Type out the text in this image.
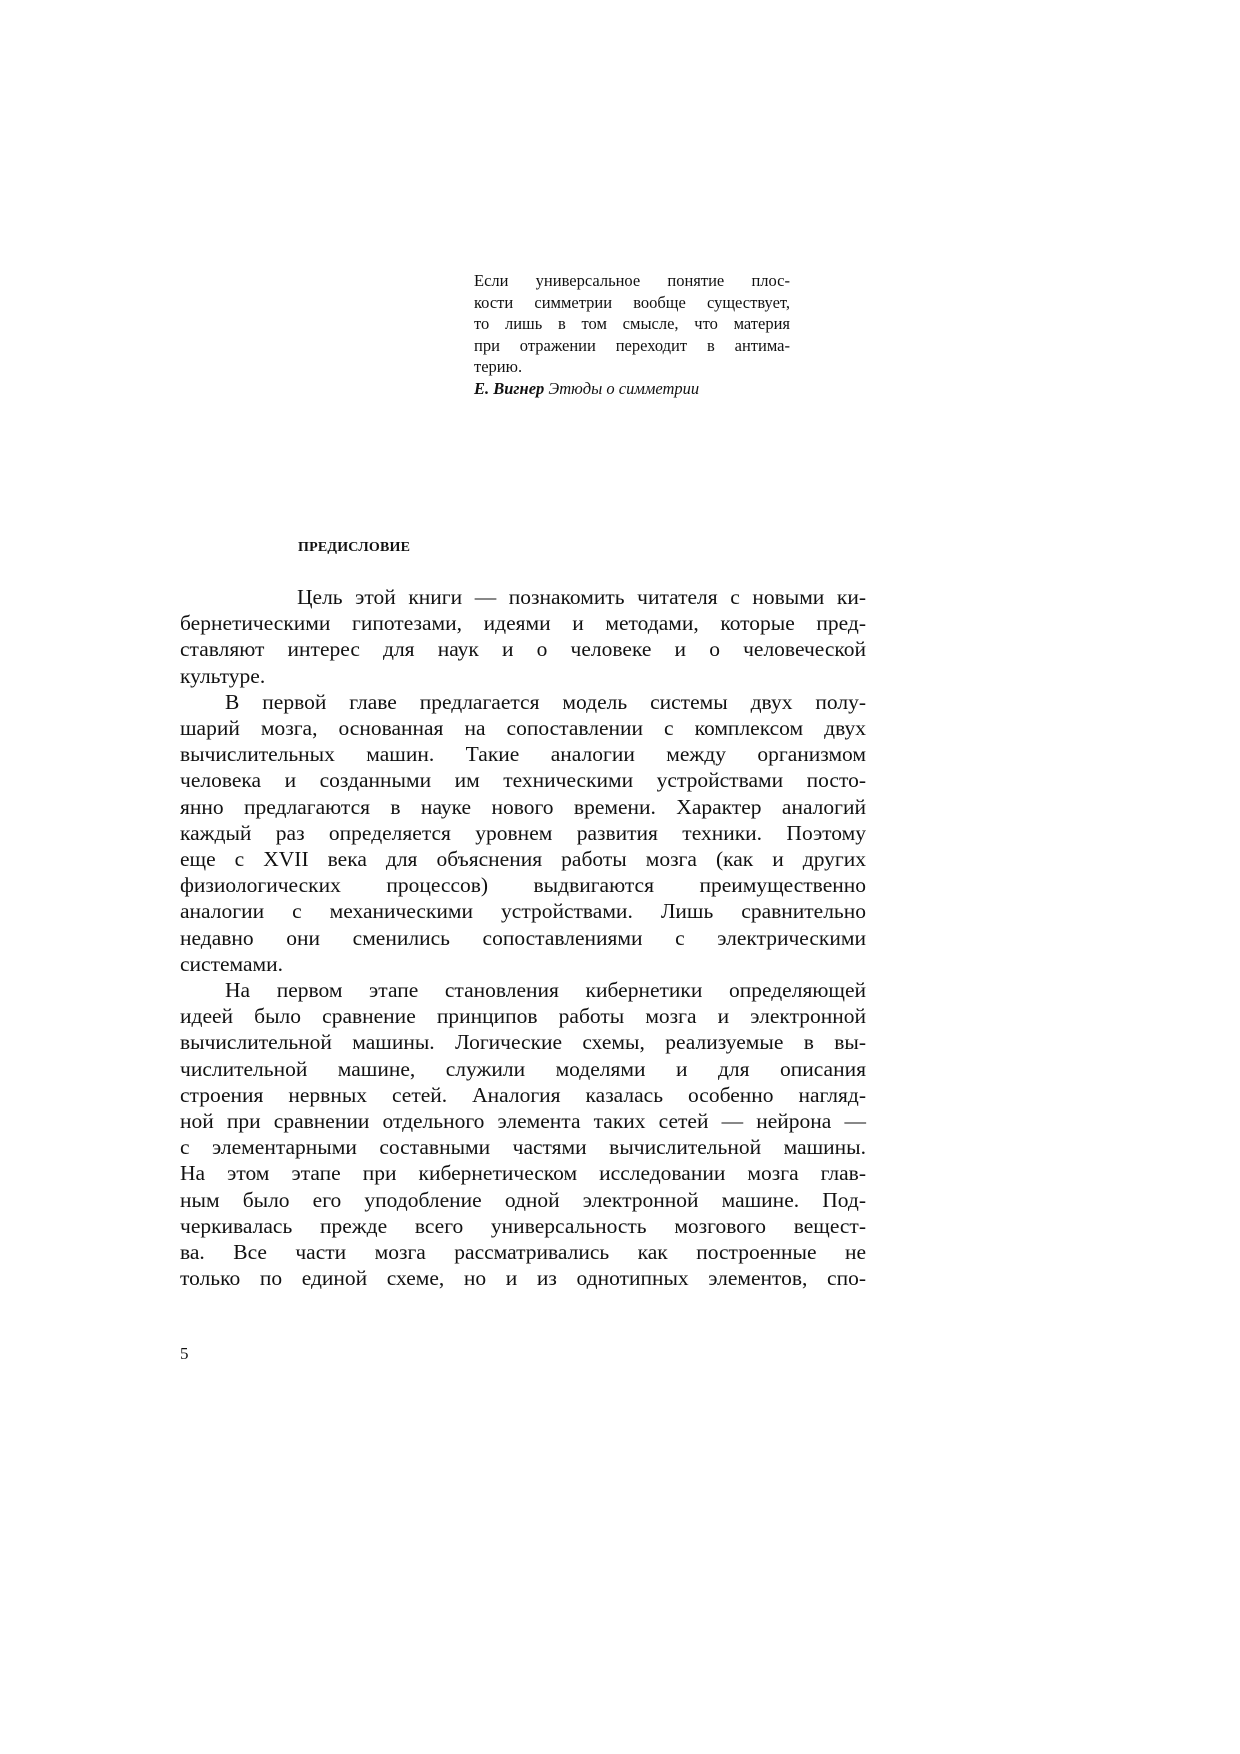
Если универсальное понятие плос-
кости симметрии вообще существует,
то лишь в том смысле, что материя
при отражении переходит в антима-
терию.
Е. Вигнер Этюды о симметрии
ПРЕДИСЛОВИЕ
Цель этой книги — познакомить читателя с новыми ки-
бернетическими гипотезами, идеями и методами, которые пред-
ставляют интерес для наук и о человеке и о человеческой
культуре.
В первой главе предлагается модель системы двух полу-
шарий мозга, основанная на сопоставлении с комплексом двух
вычислительных машин. Такие аналогии между организмом
человека и созданными им техническими устройствами посто-
янно предлагаются в науке нового времени. Характер аналогий
каждый раз определяется уровнем развития техники. Поэтому
еще с XVII века для объяснения работы мозга (как и других
физиологических процессов) выдвигаются преимущественно
аналогии с механическими устройствами. Лишь сравнительно
недавно они сменились сопоставлениями с электрическими
системами.
На первом этапе становления кибернетики определяющей
идеей было сравнение принципов работы мозга и электронной
вычислительной машины. Логические схемы, реализуемые в вы-
числительной машине, служили моделями и для описания
строения нервных сетей. Аналогия казалась особенно нагляд-
ной при сравнении отдельного элемента таких сетей — нейрона —
с элементарными составными частями вычислительной машины.
На этом этапе при кибернетическом исследовании мозга глав-
ным было его уподобление одной электронной машине. Под-
черкивалась прежде всего универсальность мозгового вещест-
ва. Все части мозга рассматривались как построенные не
только по единой схеме, но и из однотипных элементов, спо-
5
